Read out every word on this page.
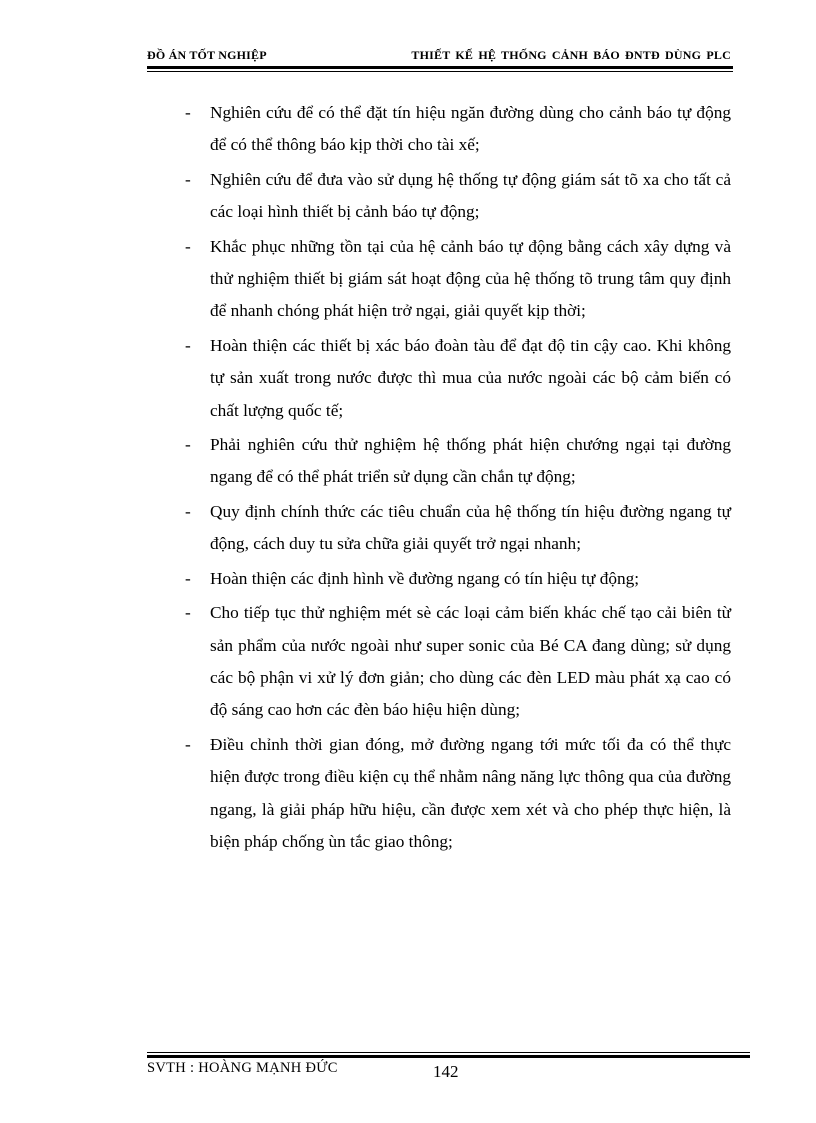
ĐỒ ÁN TỐT NGHIỆP	THIẾT KẾ HỆ THỐNG CẢNH BÁO ĐNTĐ DÙNG PLC
- Nghiên cứu để có thể đặt tín hiệu ngăn đường dùng cho cảnh báo tự động để có thể thông báo kịp thời cho tài xế;
- Nghiên cứu để đưa vào sử dụng hệ thống tự động giám sát tõ xa cho tất cả các loại hình thiết bị cảnh báo tự động;
- Khắc phục những tồn tại của hệ cảnh báo tự động bằng cách xây dựng và thử nghiệm thiết bị giám sát hoạt động của hệ thống tõ trung tâm quy định để nhanh chóng phát hiện trở ngại, giải quyết kịp thời;
- Hoàn thiện các thiết bị xác báo đoàn tàu để đạt độ tin cậy cao. Khi không tự sản xuất trong nước được thì mua của nước ngoài các bộ cảm biến có chất lượng quốc tế;
- Phải nghiên cứu thử nghiệm hệ thống phát hiện chướng ngại tại đường ngang để có thể phát triển sử dụng cần chắn tự động;
- Quy định chính thức các tiêu chuẩn của hệ thống tín hiệu đường ngang tự động, cách duy tu sửa chữa giải quyết trở ngại nhanh;
- Hoàn thiện các định hình về đường ngang có tín hiệu tự động;
- Cho tiếp tục thử nghiệm mét sè các loại cảm biến khác chế tạo cải biên từ sản phẩm của nước ngoài như super sonic của Bé CA đang dùng; sử dụng các bộ phận vi xử lý đơn giản; cho dùng các đèn LED màu phát xạ cao có độ sáng cao hơn các đèn báo hiệu hiện dùng;
- Điều chỉnh thời gian đóng, mở đường ngang tới mức tối đa có thể thực hiện được trong điều kiện cụ thể nhằm nâng năng lực thông qua của đường ngang, là giải pháp hữu hiệu, cần được xem xét và cho phép thực hiện, là biện pháp chống ùn tắc giao thông;
SVTH : HOÀNG MẠNH ĐỨC	142
